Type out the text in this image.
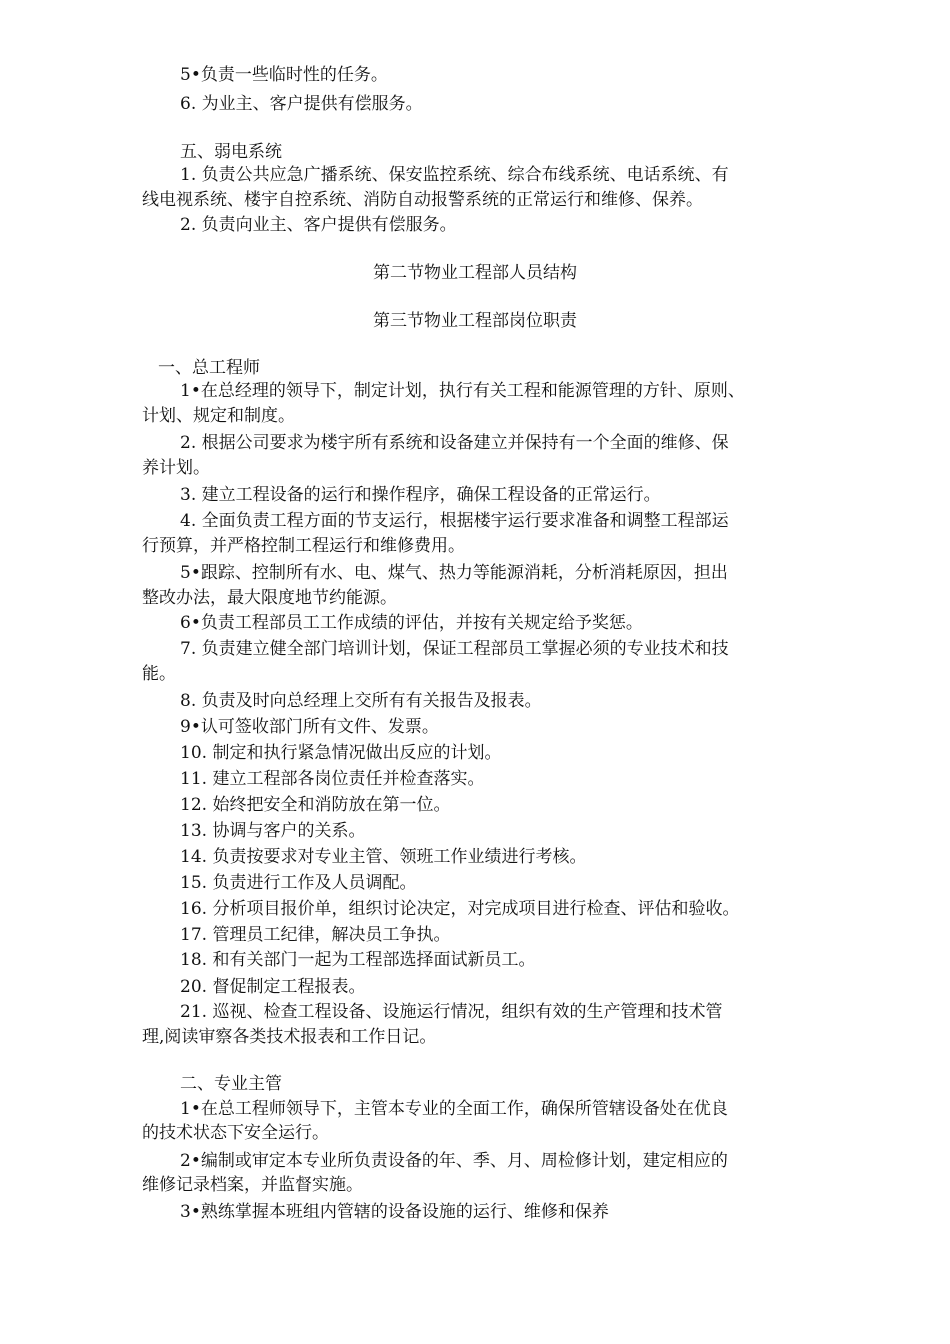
5•负责一些临时性的任务。
6. 为业主、客户提供有偿服务。
五、弱电系统
1. 负责公共应急广播系统、保安监控系统、综合布线系统、电话系统、有
线电视系统、楼宇自控系统、消防自动报警系统的正常运行和维修、保养。
2. 负责向业主、客户提供有偿服务。
第二节物业工程部人员结构
第三节物业工程部岗位职责
一、总工程师
1•在总经理的领导下，制定计划，执行有关工程和能源管理的方针、原则、
计划、规定和制度。
2. 根据公司要求为楼宇所有系统和设备建立并保持有一个全面的维修、保
养计划。
3. 建立工程设备的运行和操作程序，确保工程设备的正常运行。
4. 全面负责工程方面的节支运行，根据楼宇运行要求准备和调整工程部运
行预算，并严格控制工程运行和维修费用。
5•跟踪、控制所有水、电、煤气、热力等能源消耗，分析消耗原因，担出
整改办法，最大限度地节约能源。
6•负责工程部员工工作成绩的评估，并按有关规定给予奖惩。
7. 负责建立健全部门培训计划，保证工程部员工掌握必须的专业技术和技
能。
8. 负责及时向总经理上交所有有关报告及报表。
9•认可签收部门所有文件、发票。
10. 制定和执行紧急情况做出反应的计划。
11. 建立工程部各岗位责任并检查落实。
12. 始终把安全和消防放在第一位。
13. 协调与客户的关系。
14. 负责按要求对专业主管、领班工作业绩进行考核。
15. 负责进行工作及人员调配。
16. 分析项目报价单，组织讨论决定，对完成项目进行检查、评估和验收。
17. 管理员工纪律，解决员工争执。
18. 和有关部门一起为工程部选择面试新员工。
20. 督促制定工程报表。
21. 巡视、检查工程设备、设施运行情况，组织有效的生产管理和技术管
理,阅读审察各类技术报表和工作日记。
二、专业主管
1•在总工程师领导下，主管本专业的全面工作，确保所管辖设备处在优良
的技术状态下安全运行。
2•编制或审定本专业所负责设备的年、季、月、周检修计划，建定相应的
维修记录档案，并监督实施。
3•熟练掌握本班组内管辖的设备设施的运行、维修和保养
